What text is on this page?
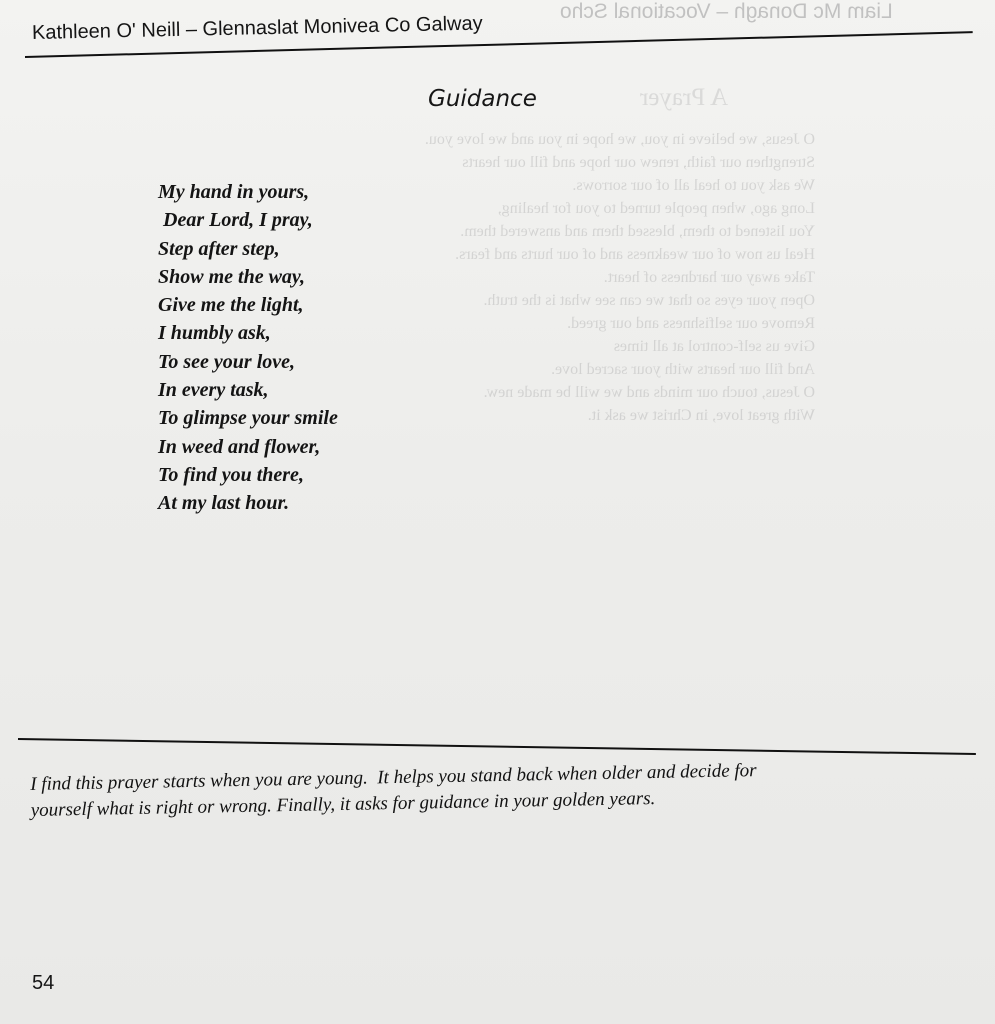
Liam Mc Donagh – Vocational Scho
A Prayer
O Jesus, we believe in you, we hope in you and we love you.
Strengthen our faith, renew our hope and fill our hearts
We ask you to heal all of our sorrows.
Long ago, when people turned to you for healing,
You listened to them, blessed them and answered them.
Heal us now of our weakness and of our hurts and fears.
Take away our hardness of heart.
Open your eyes so that we can see what is the truth.
Remove our selfishness and our greed.
Give us self-control at all times
And fill our hearts with your sacred love.
O Jesus, touch our minds and we will be made new.
With great love, in Christ we ask it.
Kathleen O' Neill – Glennaslat Monivea Co Galway
Guidance
My hand in yours,
Dear Lord, I pray,
Step after step,
Show me the way,
Give me the light,
I humbly ask,
To see your love,
In every task,
To glimpse your smile
In weed and flower,
To find you there,
At my last hour.
I find this prayer starts when you are young.  It helps you stand back when older and decide for
yourself what is right or wrong. Finally, it asks for guidance in your golden years.
54
